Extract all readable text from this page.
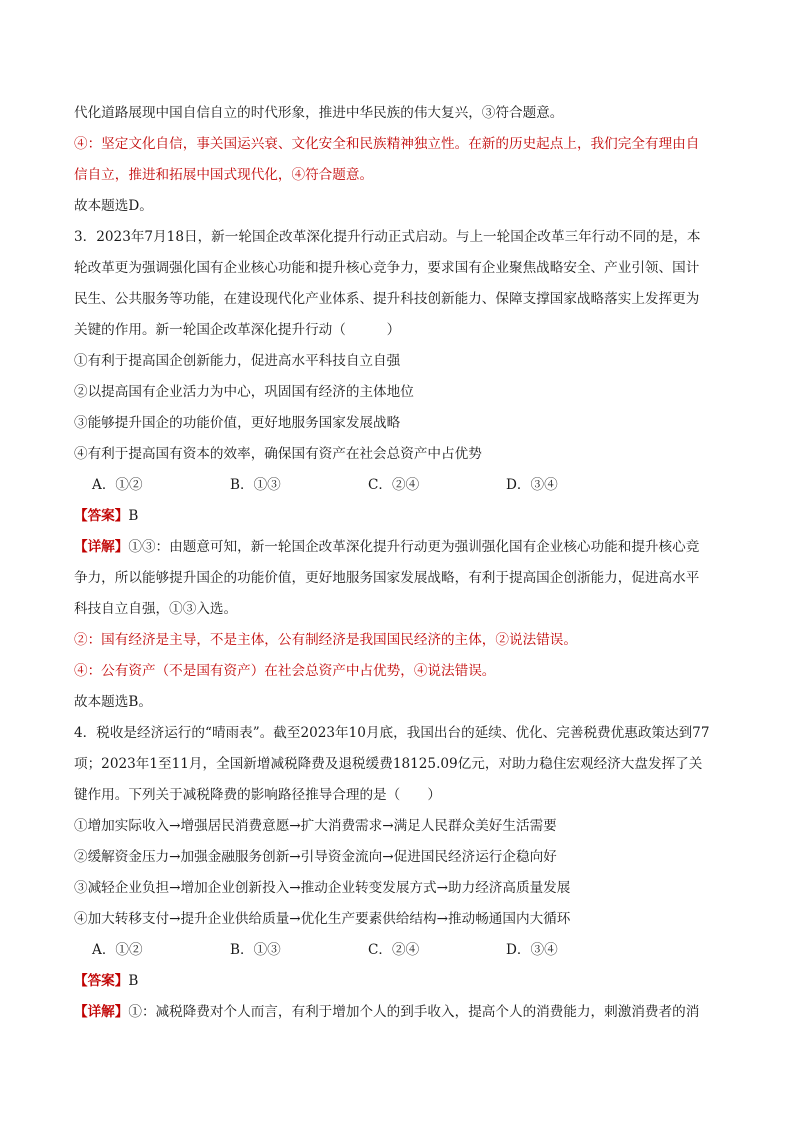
代化道路展现中国自信自立的时代形象，推进中华民族的伟大复兴，③符合题意。
④：坚定文化自信，事关国运兴衰、文化安全和民族精神独立性。在新的历史起点上，我们完全有理由自
信自立，推进和拓展中国式现代化，④符合题意。
故本题选D。
3．2023年7月18日，新一轮国企改革深化提升行动正式启动。与上一轮国企改革三年行动不同的是，本
轮改革更为强调强化国有企业核心功能和提升核心竞争力，要求国有企业聚焦战略安全、产业引领、国计
民生、公共服务等功能，在建设现代化产业体系、提升科技创新能力、保障支撑国家战略落实上发挥更为
关键的作用。新一轮国企改革深化提升行动（　　　）
①有利于提高国企创新能力，促进高水平科技自立自强
②以提高国有企业活力为中心，巩固国有经济的主体地位
③能够提升国企的功能价值，更好地服务国家发展战略
④有利于提高国有资本的效率，确保国有资产在社会总资产中占优势
A．①②	B．①③	C．②④	D．③④
【答案】B
【详解】①③：由题意可知，新一轮国企改革深化提升行动更为强训强化国有企业核心功能和提升核心竞
争力，所以能够提升国企的功能价值，更好地服务国家发展战略，有利于提高国企创浙能力，促进高水平
科技自立自强，①③入选。
②：国有经济是主导，不是主体，公有制经济是我国国民经济的主体，②说法错误。
④：公有资产（不是国有资产）在社会总资产中占优势，④说法错误。
故本题选B。
4．税收是经济运行的“晴雨表”。截至2023年10月底，我国出台的延续、优化、完善税费优惠政策达到77
项；2023年1至11月，全国新增减税降费及退税缓费18125.09亿元，对助力稳住宏观经济大盘发挥了关
键作用。下列关于减税降费的影响路径推导合理的是（　　）
①增加实际收入→增强居民消费意愿→扩大消费需求→满足人民群众美好生活需要
②缓解资金压力→加强金融服务创新→引导资金流向→促进国民经济运行企稳向好
③减轻企业负担→增加企业创新投入→推动企业转变发展方式→助力经济高质量发展
④加大转移支付→提升企业供给质量→优化生产要素供给结构→推动畅通国内大循环
A．①②	B．①③	C．②④	D．③④
【答案】B
【详解】①：减税降费对个人而言，有利于增加个人的到手收入，提高个人的消费能力，刺激消费者的消
